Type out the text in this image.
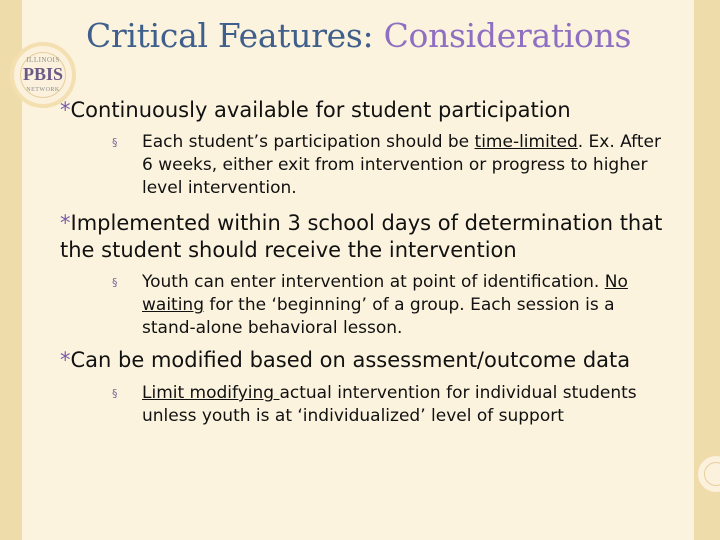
ILLINOIS
PBIS
NETWORK
Critical Features: Considerations
*Continuously available for student participation
§ Each student’s participation should be time-limited. Ex. After 6 weeks, either exit from intervention or progress to higher level intervention.
*Implemented within 3 school days of determination that the student should receive the intervention
§ Youth can enter intervention at point of identification. No waiting for the ‘beginning’ of a group. Each session is a stand-alone behavioral lesson.
*Can be modified based on assessment/outcome data
§ Limit modifying actual intervention for individual students unless youth is at ‘individualized’ level of support
